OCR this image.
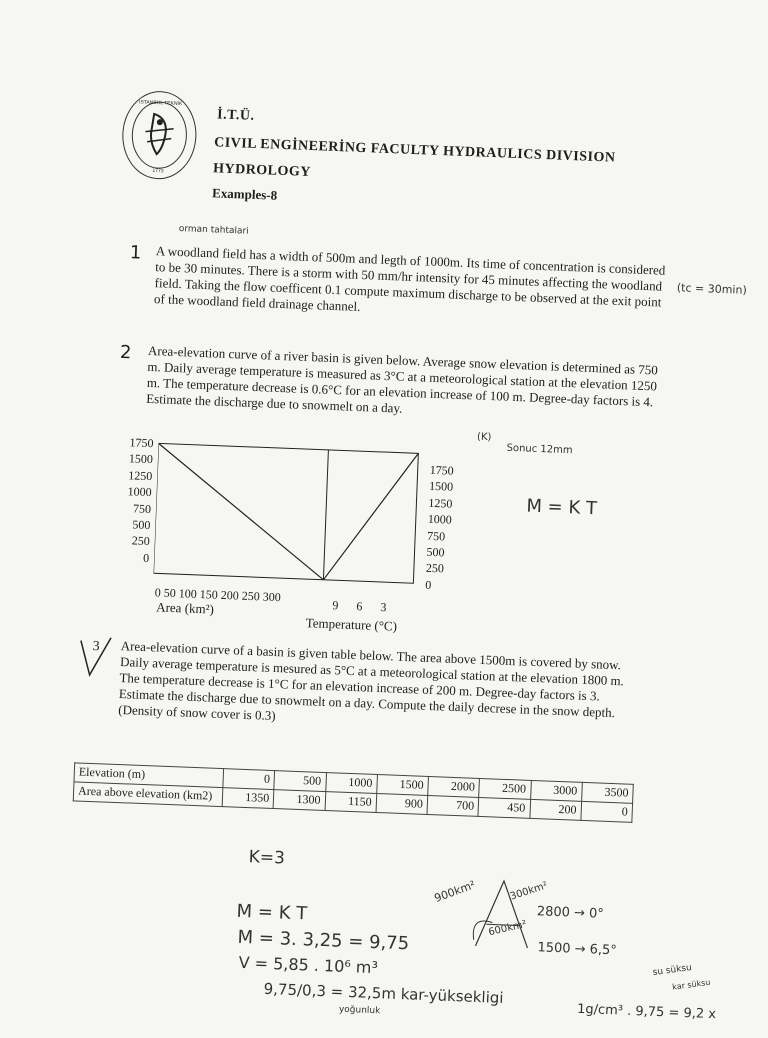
İSTANBUL TEKNİK
1773
İ.T.Ü.
CIVIL ENGİNEERİNG FACULTY HYDRAULICS DIVISION
HYDROLOGY
Examples-8
orman tahtalari
1 A woodland field has a width of 500m and legth of 1000m. Its time of concentration is considered to be 30 minutes. There is a storm with 50 mm/hr intensity for 45 minutes affecting the woodland field. Taking the flow coefficent 0.1 compute maximum discharge to be observed at the exit point of the woodland field drainage channel.
(tc = 30min)
2 Area-elevation curve of a river basin is given below. Average snow elevation is determined as 750 m. Daily average temperature is measured as 3°C at a meteorological station at the elevation 1250 m. The temperature decrease is 0.6°C for an elevation increase of 100 m. Degree-day factors is 4. Estimate the discharge due to snowmelt on a day.
(K)
Sonuc 12mm
M = K T
1750
1500
1250
1000
750
500
250
0
1750
1500
1250
1000
750
500
250
0
0 50 100 150 200 250 300
9 6 3
Area (km²)
Temperature (°C)
3 Area-elevation curve of a basin is given table below. The area above 1500m is covered by snow. Daily average temperature is mesured as 5°C at a meteorological station at the elevation 1800 m. The temperature decrease is 1°C for an elevation increase of 200 m. Degree-day factors is 3. Estimate the discharge due to snowmelt on a day. Compute the daily decrese in the snow depth. (Density of snow cover is 0.3)
Elevation (m)	0	500	1000	1500	2000	2500	3000	3500
Area above elevation (km2)	1350	1300	1150	900	700	450	200	0
K=3
M = K T
M = 3. 3,25 = 9,75
V = 5,85 . 10⁶ m³
9,75/0,3 = 32,5m kar-yüksekligi
yoğunluk
900km²	300km²
600km²
2800 → 0°
1500 → 6,5°
su süksu
kar süksu
1g/cm³ . 9,75 = 9,2 x
